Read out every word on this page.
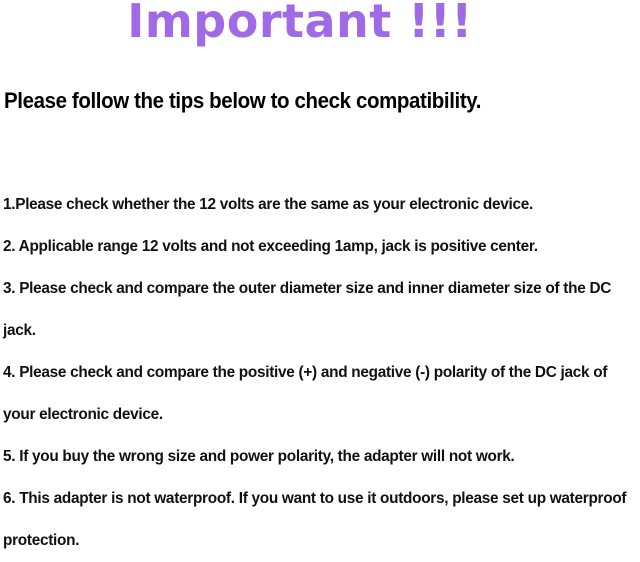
Important !!!
Please follow the tips below to check compatibility.
1.Please check whether the 12 volts are the same as your electronic device.
2. Applicable range 12 volts and not exceeding 1amp, jack is positive center.
3. Please check and compare the outer diameter size and inner diameter size of the DC jack.
4. Please check and compare the positive (+) and negative (-) polarity of the DC jack of your electronic device.
5. If you buy the wrong size and power polarity, the adapter will not work.
6. This adapter is not waterproof. If you want to use it outdoors, please set up waterproof protection.
